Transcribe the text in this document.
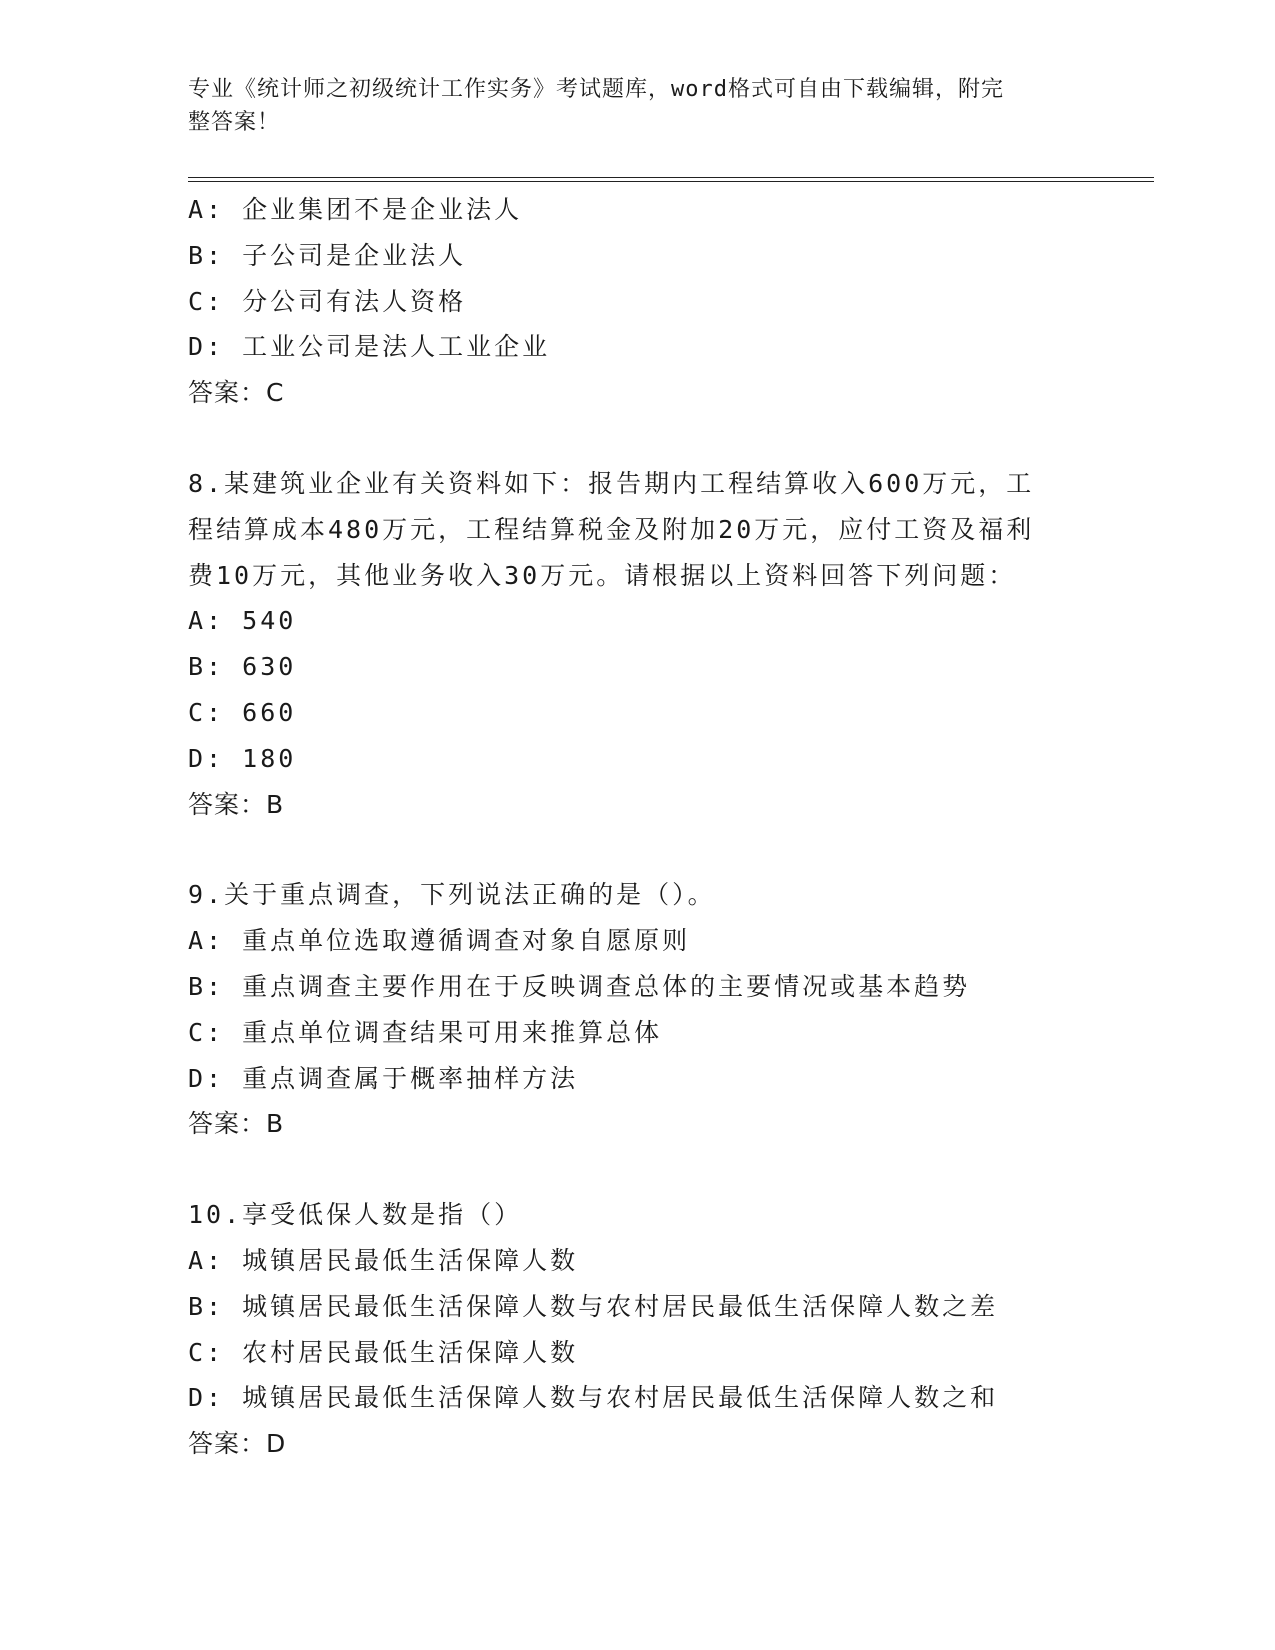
专业《统计师之初级统计工作实务》考试题库，word格式可自由下载编辑，附完
整答案！
A: 企业集团不是企业法人
B: 子公司是企业法人
C: 分公司有法人资格
D: 工业公司是法人工业企业
答案：C
8.某建筑业企业有关资料如下：报告期内工程结算收入600万元，工
程结算成本480万元，工程结算税金及附加20万元，应付工资及福利
费10万元，其他业务收入30万元。请根据以上资料回答下列问题：
A: 540
B: 630
C: 660
D: 180
答案：B
9.关于重点调查，下列说法正确的是（）。
A: 重点单位选取遵循调查对象自愿原则
B: 重点调查主要作用在于反映调查总体的主要情况或基本趋势
C: 重点单位调查结果可用来推算总体
D: 重点调查属于概率抽样方法
答案：B
10.享受低保人数是指（）
A: 城镇居民最低生活保障人数
B: 城镇居民最低生活保障人数与农村居民最低生活保障人数之差
C: 农村居民最低生活保障人数
D: 城镇居民最低生活保障人数与农村居民最低生活保障人数之和
答案：D
